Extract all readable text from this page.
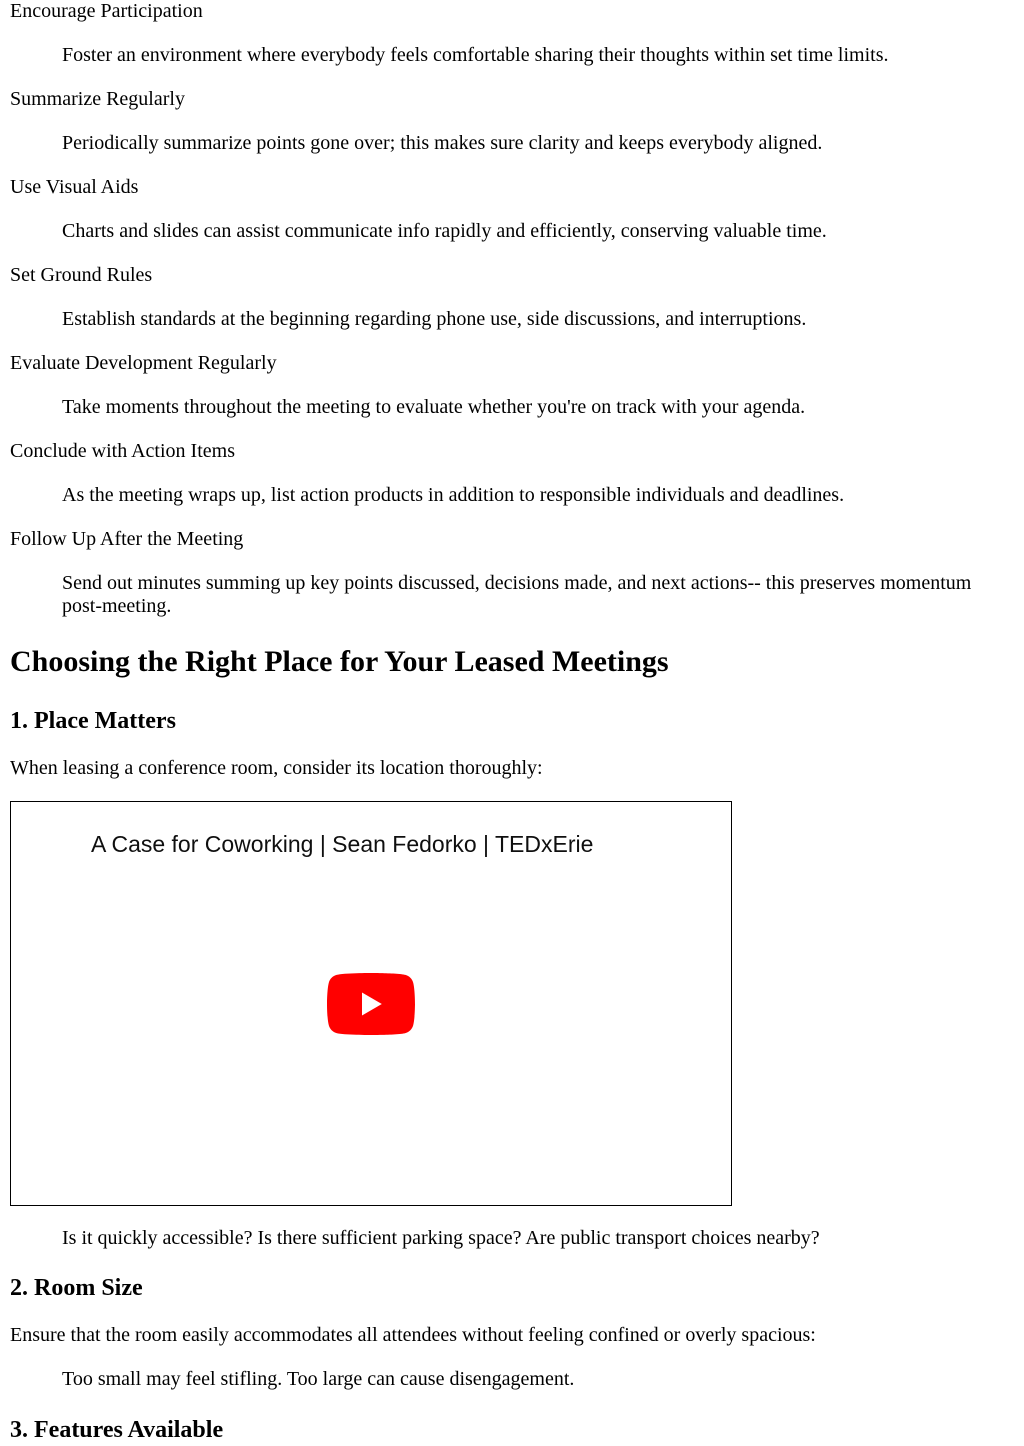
Encourage Participation
Foster an environment where everybody feels comfortable sharing their thoughts within set time limits.
Summarize Regularly
Periodically summarize points gone over; this makes sure clarity and keeps everybody aligned.
Use Visual Aids
Charts and slides can assist communicate info rapidly and efficiently, conserving valuable time.
Set Ground Rules
Establish standards at the beginning regarding phone use, side discussions, and interruptions.
Evaluate Development Regularly
Take moments throughout the meeting to evaluate whether you're on track with your agenda.
Conclude with Action Items
As the meeting wraps up, list action products in addition to responsible individuals and deadlines.
Follow Up After the Meeting
Send out minutes summing up key points discussed, decisions made, and next actions-- this preserves momentum post-meeting.
Choosing the Right Place for Your Leased Meetings
1. Place Matters

When leasing a conference room, consider its location thoroughly:

A Case for Coworking | Sean Fedorko | TEDxErie
Is it quickly accessible? Is there sufficient parking space? Are public transport choices nearby?
2. Room Size

Ensure that the room easily accommodates all attendees without feeling confined or overly spacious:

Too small may feel stifling. Too large can cause disengagement.
3. Features Available
